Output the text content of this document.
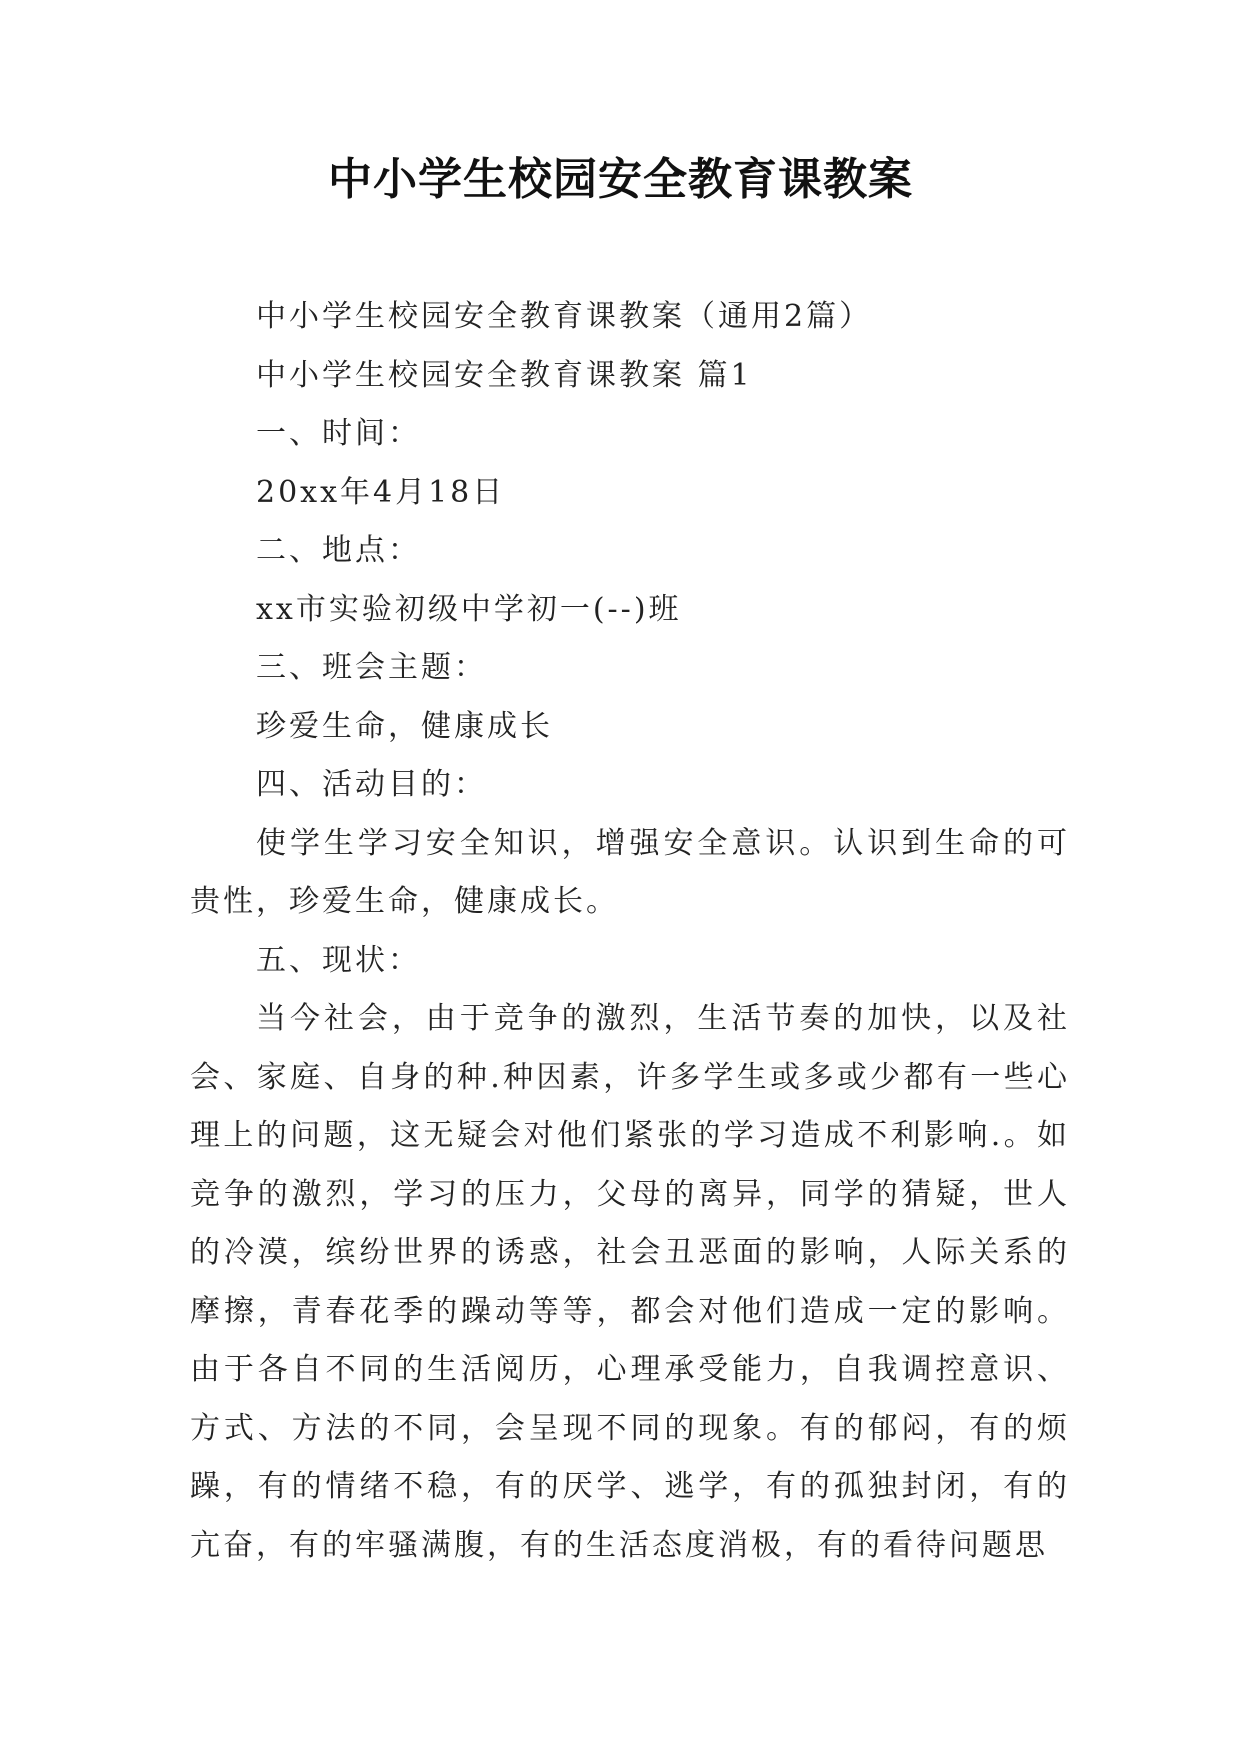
中小学生校园安全教育课教案

中小学生校园安全教育课教案（通用2篇）

中小学生校园安全教育课教案 篇1

一、时间：

20xx年4月18日

二、地点：

xx市实验初级中学初一(--)班

三、班会主题：

珍爱生命，健康成长

四、活动目的：

使学生学习安全知识，增强安全意识。认识到生命的可贵性，珍爱生命，健康成长。

五、现状：

当今社会，由于竞争的激烈，生活节奏的加快，以及社会、家庭、自身的种.种因素，许多学生或多或少都有一些心理上的问题，这无疑会对他们紧张的学习造成不利影响.。如竞争的激烈，学习的压力，父母的离异，同学的猜疑，世人的冷漠，缤纷世界的诱惑，社会丑恶面的影响，人际关系的摩擦，青春花季的躁动等等，都会对他们造成一定的影响。由于各自不同的生活阅历，心理承受能力，自我调控意识、方式、方法的不同，会呈现不同的现象。有的郁闷，有的烦躁，有的情绪不稳，有的厌学、逃学，有的孤独封闭，有的亢奋，有的牢骚满腹，有的生活态度消极，有的看待问题思
